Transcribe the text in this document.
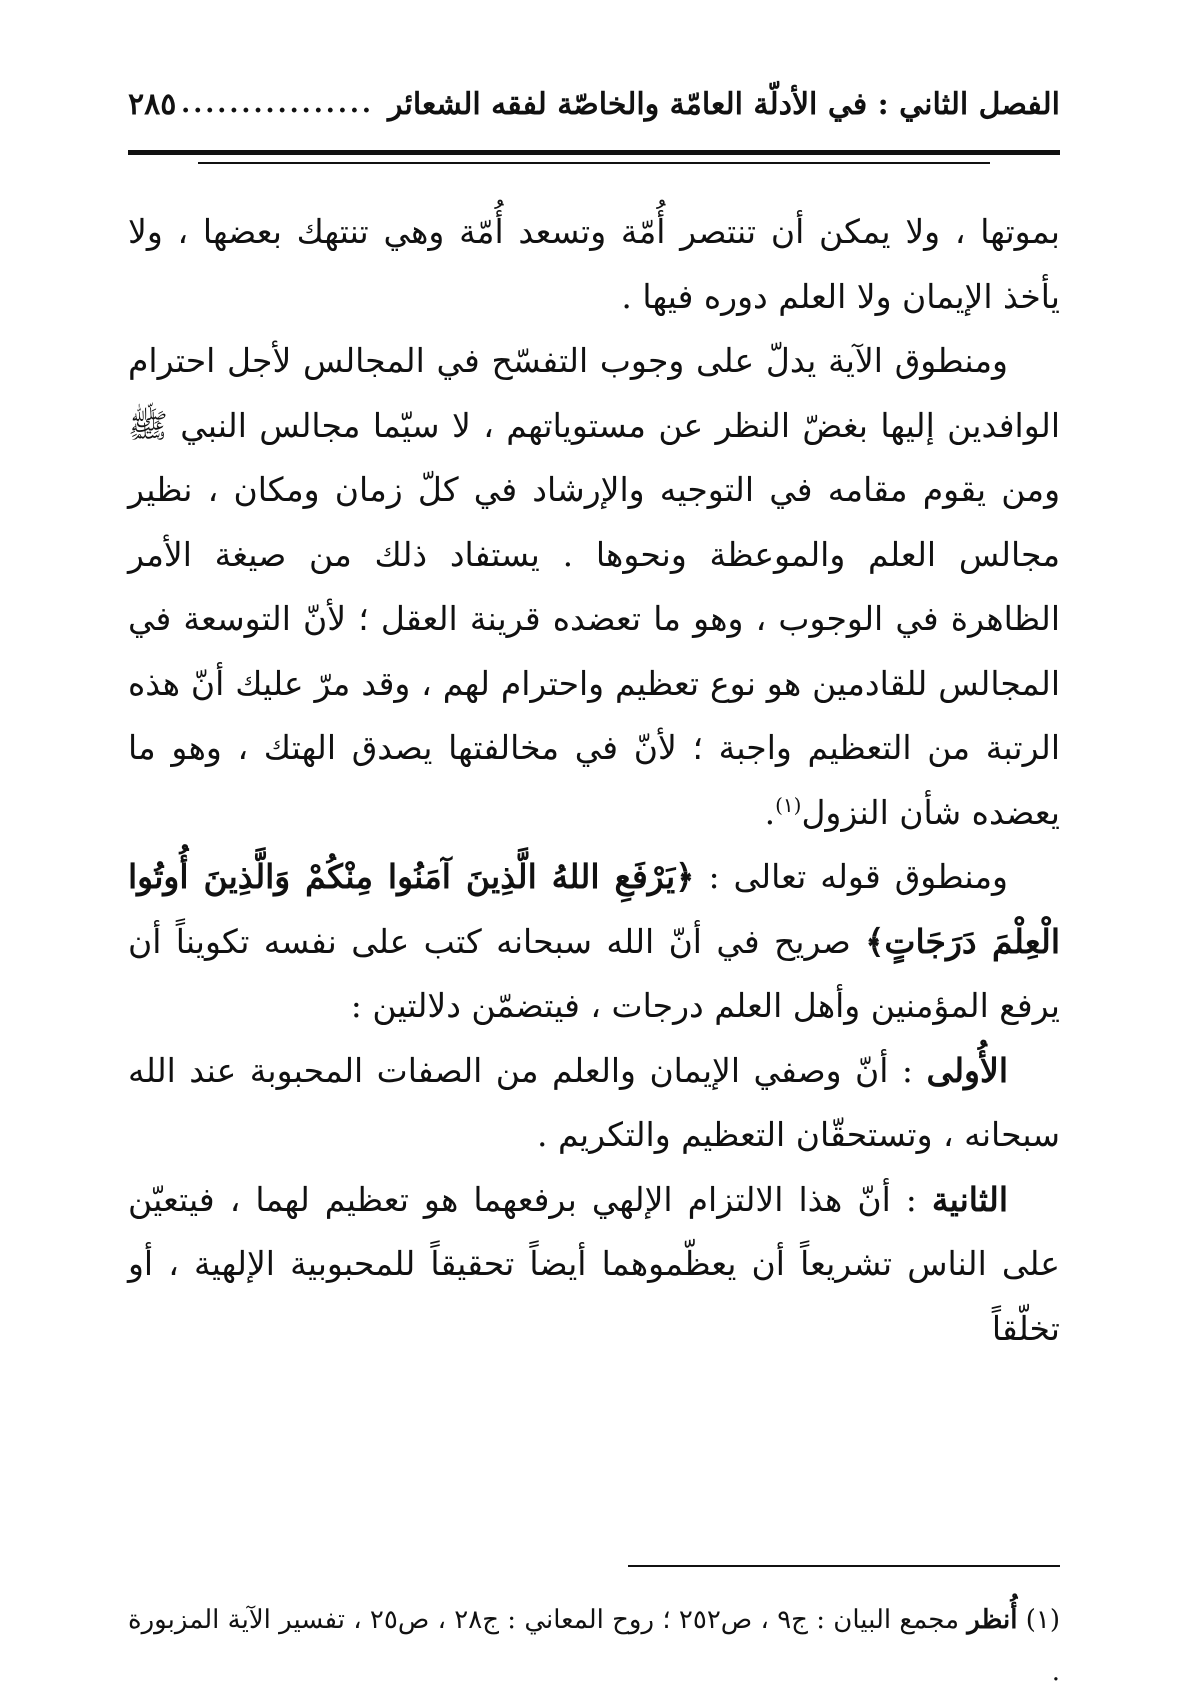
الفصل الثاني : في الأدلّة العامّة والخاصّة لفقه الشعائر
................
٢٨٥

بموتها ، ولا يمكن أن تنتصر أُمّة وتسعد أُمّة وهي تنتهك بعضها ، ولا يأخذ الإيمان ولا العلم دوره فيها .

ومنطوق الآية يدلّ على وجوب التفسّح في المجالس لأجل احترام الوافدين إليها بغضّ النظر عن مستوياتهم ، لا سيّما مجالس النبي ﷺ ومن يقوم مقامه في التوجيه والإرشاد في كلّ زمان ومكان ، نظير مجالس العلم والموعظة ونحوها . يستفاد ذلك من صيغة الأمر الظاهرة في الوجوب ، وهو ما تعضده قرينة العقل ؛ لأنّ التوسعة في المجالس للقادمين هو نوع تعظيم واحترام لهم ، وقد مرّ عليك أنّ هذه الرتبة من التعظيم واجبة ؛ لأنّ في مخالفتها يصدق الهتك ، وهو ما يعضده شأن النزول$^{(١)}$.

ومنطوق قوله تعالى : ﴿يَرْفَعِ اللهُ الَّذِينَ آمَنُوا مِنْكُمْ وَالَّذِينَ أُوتُوا الْعِلْمَ دَرَجَاتٍ﴾ صريح في أنّ الله سبحانه كتب على نفسه تكويناً أن يرفع المؤمنين وأهل العلم درجات ، فيتضمّن دلالتين :

الأُولى : أنّ وصفي الإيمان والعلم من الصفات المحبوبة عند الله سبحانه ، وتستحقّان التعظيم والتكريم .

الثانية : أنّ هذا الالتزام الإلهي برفعهما هو تعظيم لهما ، فيتعيّن على الناس تشريعاً أن يعظّموهما أيضاً تحقيقاً للمحبوبية الإلهية ، أو تخلّقاً

(١) أُنظر مجمع البيان : ج٩ ، ص٢٥٢ ؛ روح المعاني : ج٢٨ ، ص٢٥ ، تفسير الآية المزبورة .
